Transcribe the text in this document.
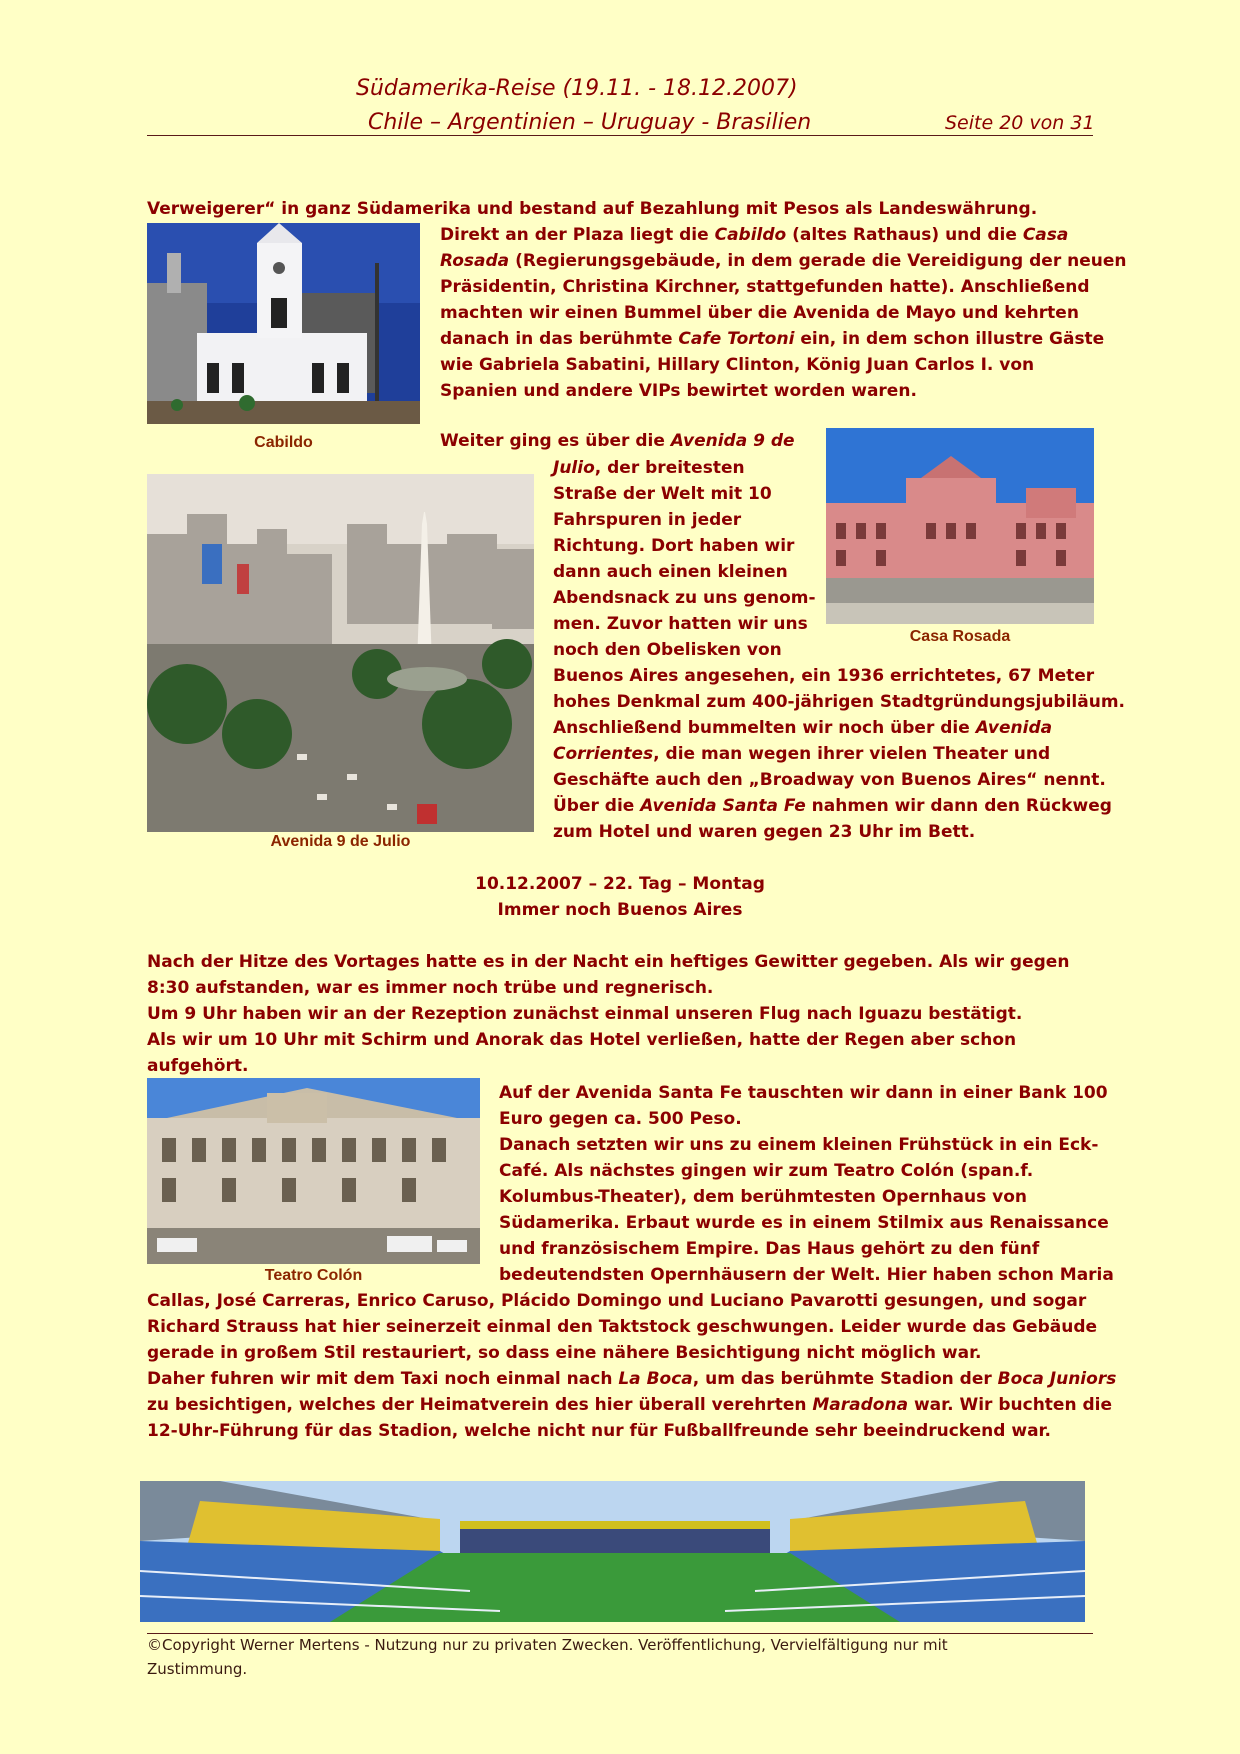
Südamerika-Reise (19.11. - 18.12.2007)
Chile – Argentinien – Uruguay - Brasilien	Seite 20 von 31
Verweigerer“ in ganz Südamerika und bestand auf Bezahlung mit Pesos als Landeswährung.
Cabildo
Direkt an der Plaza liegt die Cabildo (altes Rathaus) und die Casa
Rosada (Regierungsgebäude, in dem gerade die Vereidigung der neuen
Präsidentin, Christina Kirchner, stattgefunden hatte). Anschließend
machten wir einen Bummel über die Avenida de Mayo und kehrten
danach in das berühmte Cafe Tortoni ein, in dem schon illustre Gäste
wie Gabriela Sabatini, Hillary Clinton, König Juan Carlos I. von
Spanien und andere VIPs bewirtet worden waren.
Avenida 9 de Julio
Casa Rosada
Weiter ging es über die Avenida 9 de
Julio, der breitesten
Straße der Welt mit 10
Fahrspuren in jeder
Richtung. Dort haben wir
dann auch einen kleinen
Abendsnack zu uns genom-
men. Zuvor hatten wir uns
noch den Obelisken von
Buenos Aires angesehen, ein 1936 errichtetes, 67 Meter
hohes Denkmal zum 400-jährigen Stadtgründungsjubiläum.
Anschließend bummelten wir noch über die Avenida
Corrientes, die man wegen ihrer vielen Theater und
Geschäfte auch den „Broadway von Buenos Aires“ nennt.
Über die Avenida Santa Fe nahmen wir dann den Rückweg
zum Hotel und waren gegen 23 Uhr im Bett.
10.12.2007 – 22. Tag – Montag
Immer noch Buenos Aires
Nach der Hitze des Vortages hatte es in der Nacht ein heftiges Gewitter gegeben. Als wir gegen
8:30 aufstanden, war es immer noch trübe und regnerisch.
Um 9 Uhr haben wir an der Rezeption zunächst einmal unseren Flug nach Iguazu bestätigt.
Als wir um 10 Uhr mit Schirm und Anorak das Hotel verließen, hatte der Regen aber schon
aufgehört.
Teatro Colón
Auf der Avenida Santa Fe tauschten wir dann in einer Bank 100
Euro gegen ca. 500 Peso.
Danach setzten wir uns zu einem kleinen Frühstück in ein Eck-
Café. Als nächstes gingen wir zum Teatro Colón (span.f.
Kolumbus-Theater), dem berühmtesten Opernhaus von
Südamerika. Erbaut wurde es in einem Stilmix aus Renaissance
und französischem Empire. Das Haus gehört zu den fünf
bedeutendsten Opernhäusern der Welt. Hier haben schon Maria
Callas, José Carreras, Enrico Caruso, Plácido Domingo und Luciano Pavarotti gesungen, und sogar
Richard Strauss hat hier seinerzeit einmal den Taktstock geschwungen. Leider wurde das Gebäude
gerade in großem Stil restauriert, so dass eine nähere Besichtigung nicht möglich war.
Daher fuhren wir mit dem Taxi noch einmal nach La Boca, um das berühmte Stadion der Boca Juniors
zu besichtigen, welches der Heimatverein des hier überall verehrten Maradona war. Wir buchten die
12-Uhr-Führung für das Stadion, welche nicht nur für Fußballfreunde sehr beeindruckend war.
©Copyright Werner Mertens - Nutzung nur zu privaten Zwecken. Veröffentlichung, Vervielfältigung nur mit
Zustimmung.
